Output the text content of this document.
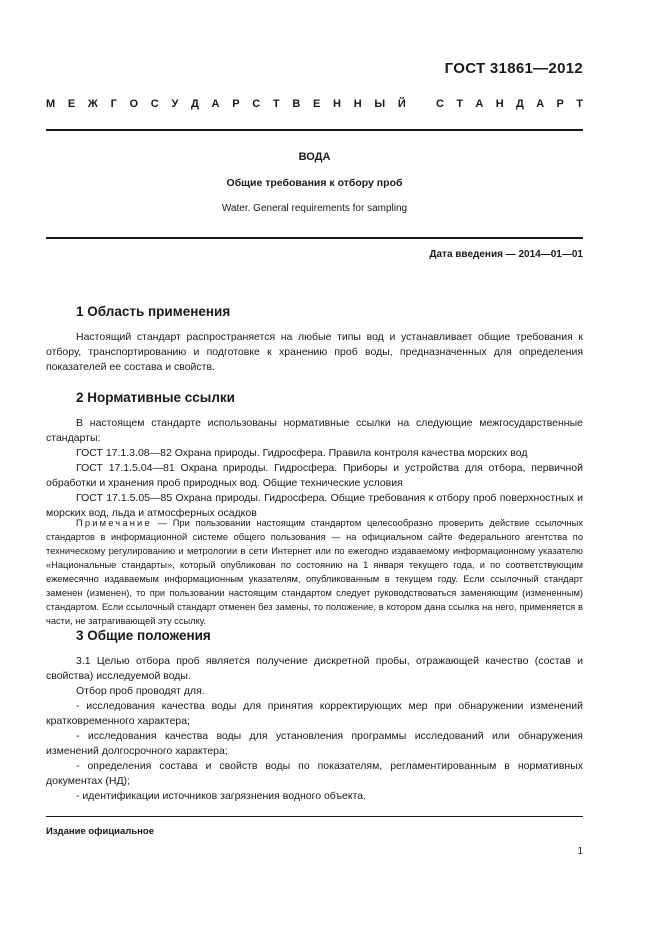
ГОСТ 31861—2012
М Е Ж Г О С У Д А Р С Т В Е Н Н Ы Й	С Т А Н Д А Р Т
ВОДА
Общие требования к отбору проб
Water. General requirements for sampling
Дата введения — 2014—01—01
1 Область применения

Настоящий стандарт распространяется на любые типы вод и устанавливает общие требования к отбору, транспортированию и подготовке к хранению проб воды, предназначенных для определения показателей ее состава и свойств.

2 Нормативные ссылки

В настоящем стандарте использованы нормативные ссылки на следующие межгосударственные стандарты:

ГОСТ 17.1.3.08—82 Охрана природы. Гидросфера. Правила контроля качества морских вод

ГОСТ 17.1.5.04—81 Охрана природы. Гидросфера. Приборы и устройства для отбора, первичной обработки и хранения проб природных вод. Общие технические условия

ГОСТ 17.1.5.05—85 Охрана природы. Гидросфера. Общие требования к отбору проб поверхностных и морских вод, льда и атмосферных осадков

Примечание — При пользовании настоящим стандартом целесообразно проверить действие ссылочных стандартов в информационной системе общего пользования — на официальном сайте Федерального агентства по техническому регулированию и метрологии в сети Интернет или по ежегодно издаваемому информационному указателю «Национальные стандарты», который опубликован по состоянию на 1 января текущего года, и по соответствующим ежемесячно издаваемым информационным указателям, опубликованным в текущем году. Если ссылочный стандарт заменен (изменен), то при пользовании настоящим стандартом следует руководствоваться заменяющим (измененным) стандартом. Если ссылочный стандарт отменен без замены, то положение, в котором дана ссылка на него, применяется в части, не затрагивающей эту ссылку.

3 Общие положения

3.1 Целью отбора проб является получение дискретной пробы, отражающей качество (состав и свойства) исследуемой воды.

Отбор проб проводят для.

- исследования качества воды для принятия корректирующих мер при обнаружении изменений кратковременного характера;

- исследования качества воды для установления программы исследований или обнаружения изменений долгосрочного характера;

- определения состава и свойств воды по показателям, регламентированным в нормативных документах (НД);

- идентификации источников загрязнения водного объекта.

Издание официальное
1
